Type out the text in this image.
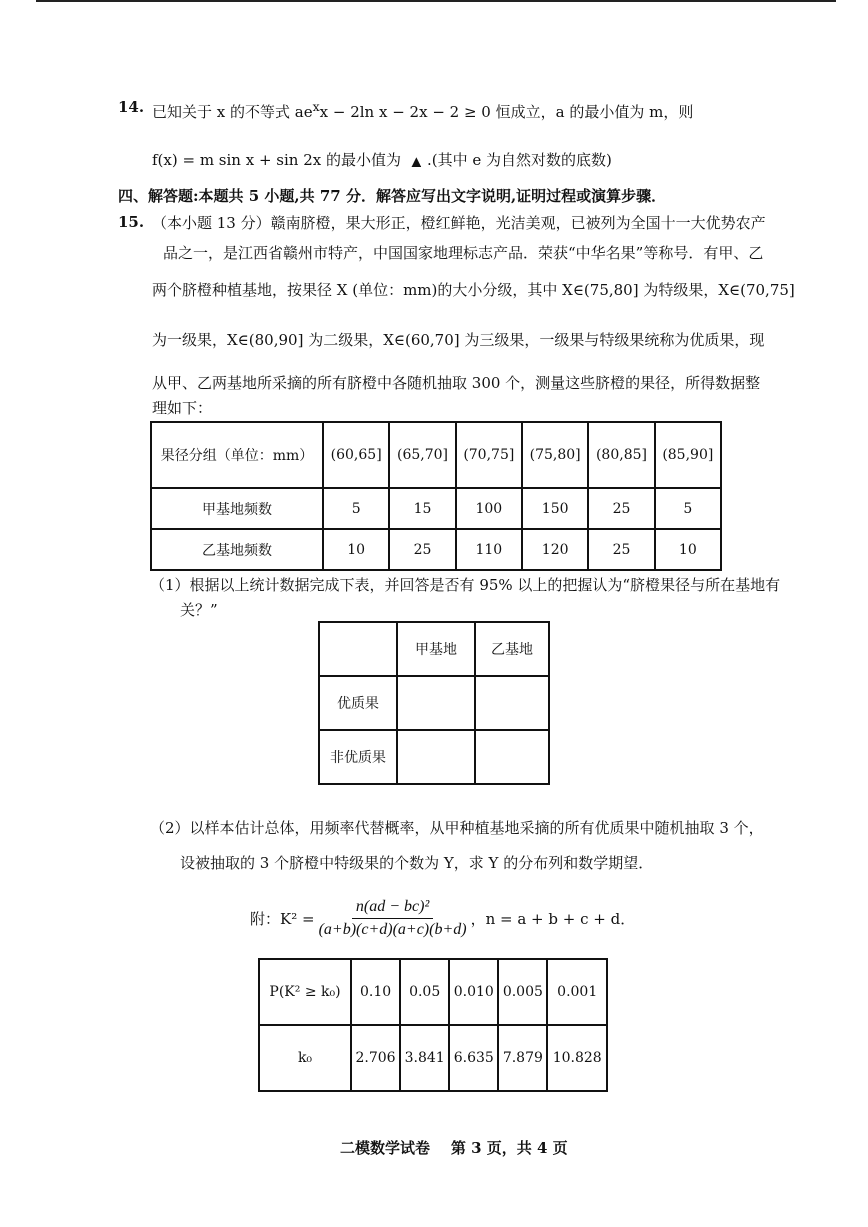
14. 已知关于 x 的不等式 $ae^xx - 2\ln$ x − 2x − 2 ≥ 0 恒成立，a 的最小值为 m，则
f(x) = m sin x + sin 2x 的最小值为 ▲ .(其中 e 为自然对数的底数)
四、解答题:本题共 5 小题,共 77 分．解答应写出文字说明,证明过程或演算步骤．
15. （本小题 13 分）赣南脐橙，果大形正，橙红鲜艳，光洁美观，已被列为全国十一大优势农产
品之一，是江西省赣州市特产，中国国家地理标志产品．荣获“中华名果”等称号．有甲、乙
两个脐橙种植基地，按果径 X (单位：mm)的大小分级，其中 X∈(75,80] 为特级果，X∈(70,75]
为一级果，X∈(80,90] 为二级果，X∈(60,70] 为三级果，一级果与特级果统称为优质果，现
从甲、乙两基地所采摘的所有脐橙中各随机抽取 300 个，测量这些脐橙的果径，所得数据整
理如下：
果径分组（单位：mm）	(60,65]	(65,70]	(70,75]	(75,80]	(80,85]	(85,90]
甲基地频数	5	15	100	150	25	5
乙基地频数	10	25	110	120	25	10
（1）根据以上统计数据完成下表，并回答是否有 95% 以上的把握认为“脐橙果径与所在基地有
关？”
	甲基地	乙基地
优质果		
非优质果		
（2）以样本估计总体，用频率代替概率，从甲种植基地采摘的所有优质果中随机抽取 3 个，
设被抽取的 3 个脐橙中特级果的个数为 Y，求 Y 的分布列和数学期望．
附：$K^2 = \frac{\text{n(ad − bc)²}}{(a+b)(c+d)(a+c)(b+d)}$ ，n = a + b + c + d．
P(K² ≥ k₀)	0.10	0.05	0.010	0.005	0.001
k₀	2.706	3.841	6.635	7.879	10.828
二模数学试卷    第 3 页，共 4 页
